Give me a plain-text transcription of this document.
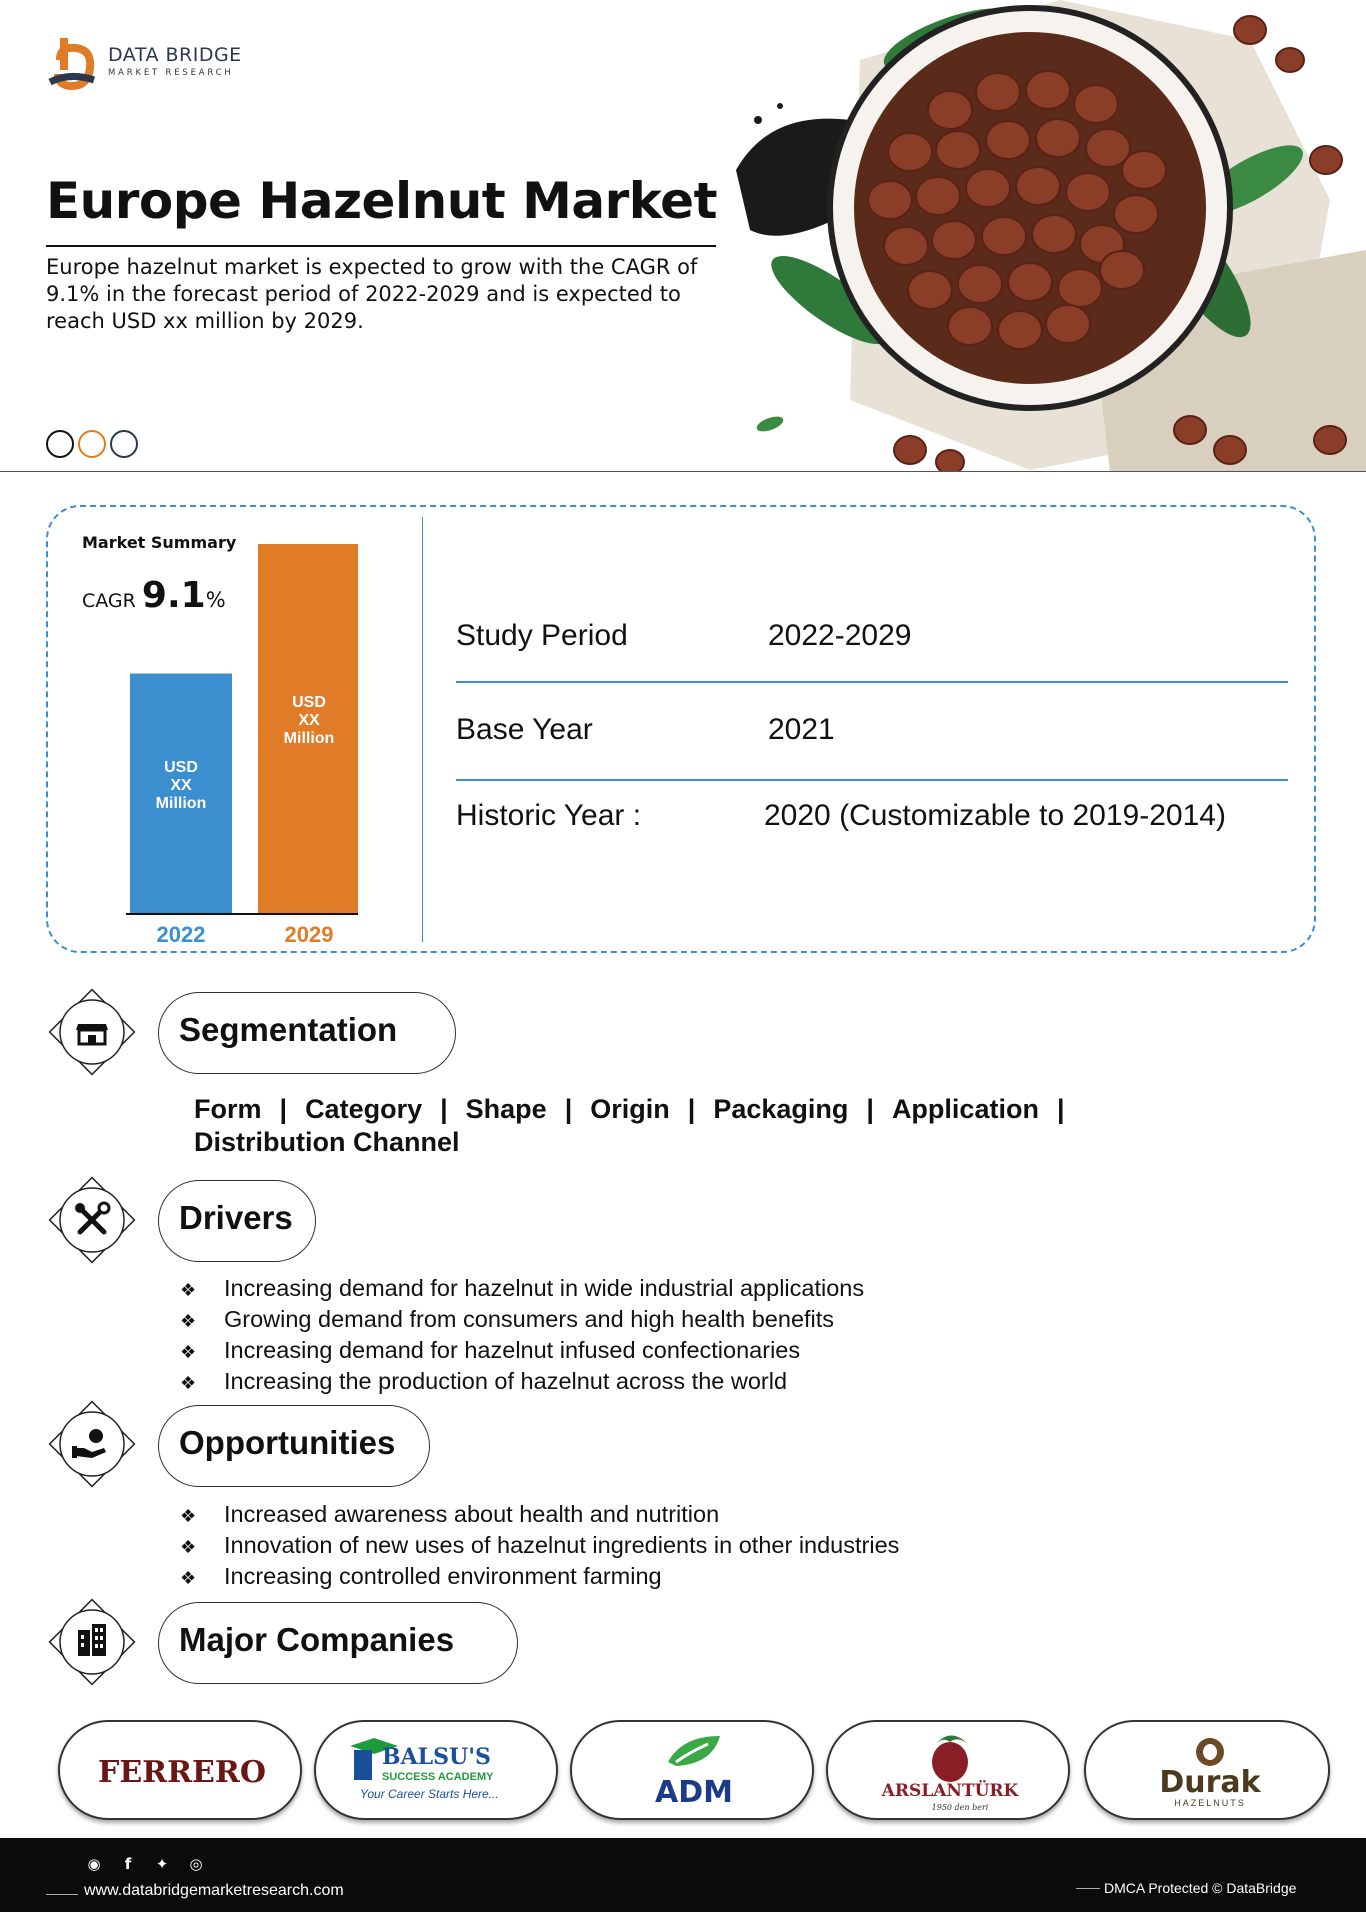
DATA BRIDGE
MARKET RESEARCH
Europe Hazelnut Market
Europe hazelnut market is expected to grow with the CAGR of 9.1% in the forecast period of 2022-2029 and is expected to reach USD xx million by 2029.
Market Summary
CAGR 9.1%
USD
XX
Million
2022
USD
XX
Million
2029
Study Period	2022-2029
Base Year	2021
Historic Year :	2020 (Customizable to 2019-2014)
Segmentation
Form | Category | Shape | Origin | Packaging | Application |
Distribution Channel
Drivers
❖ Increasing demand for hazelnut in wide industrial applications
❖ Growing demand from consumers and high health benefits
❖ Increasing demand for hazelnut infused confectionaries
❖ Increasing the production of hazelnut across the world
Opportunities
❖ Increased awareness about health and nutrition
❖ Innovation of new uses of hazelnut ingredients in other industries
❖ Increasing controlled environment farming
Major Companies
FERRERO	BALSU'S
SUCCESS ACADEMY
Your Career Starts Here...	ADM	ARSLANTÜRK
1950 den beri
Durak
HAZELNUTS
◉ f ✦ ◎
www.databridgemarketresearch.com	DMCA Protected © DataBridge
